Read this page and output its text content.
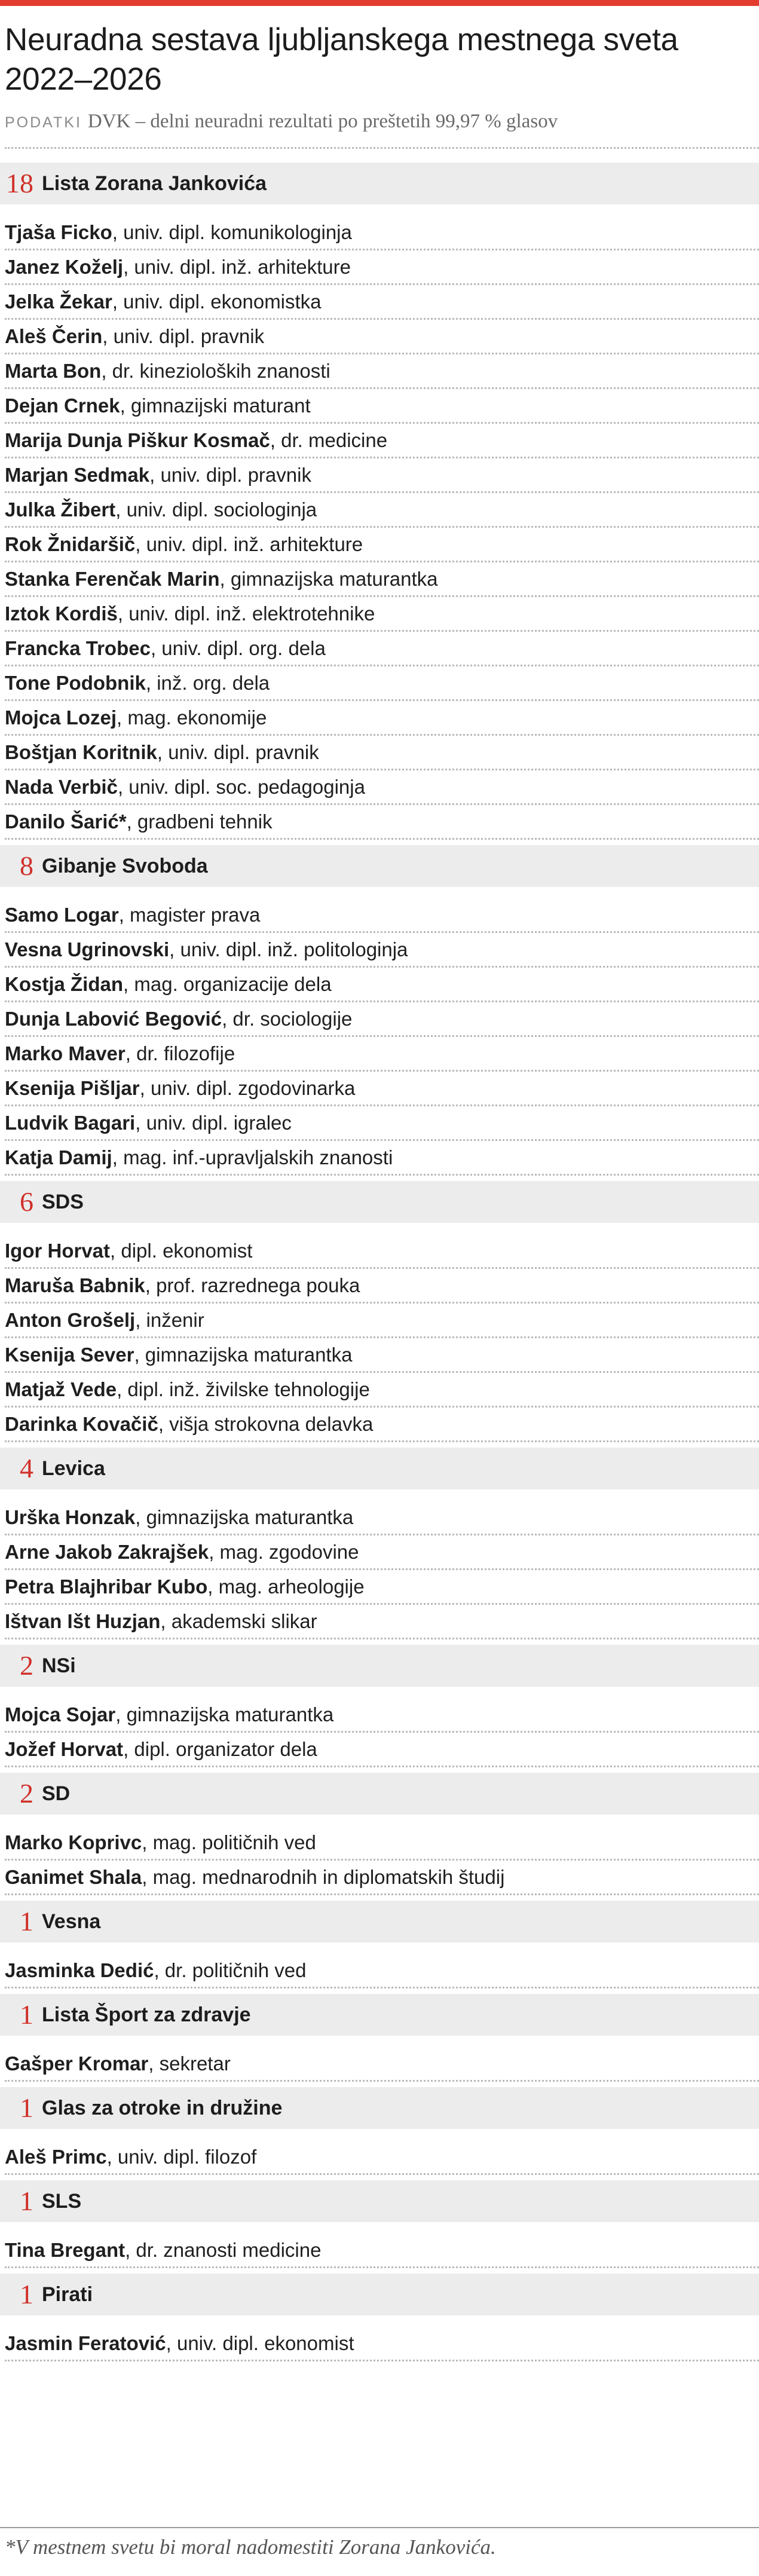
Neuradna sestava ljubljanskega mestnega sveta 2022–2026
PODATKI DVK – delni neuradni rezultati po preštetih 99,97 % glasov
18 Lista Zorana Jankovića
Tjaša Ficko, univ. dipl. komunikologinja
Janez Koželj, univ. dipl. inž. arhitekture
Jelka Žekar, univ. dipl. ekonomistka
Aleš Čerin, univ. dipl. pravnik
Marta Bon, dr. kinezioloških znanosti
Dejan Crnek, gimnazijski maturant
Marija Dunja Piškur Kosmač, dr. medicine
Marjan Sedmak, univ. dipl. pravnik
Julka Žibert, univ. dipl. sociologinja
Rok Žnidaršič, univ. dipl. inž. arhitekture
Stanka Ferenčak Marin, gimnazijska maturantka
Iztok Kordiš, univ. dipl. inž. elektrotehnike
Francka Trobec, univ. dipl. org. dela
Tone Podobnik, inž. org. dela
Mojca Lozej, mag. ekonomije
Boštjan Koritnik, univ. dipl. pravnik
Nada Verbič, univ. dipl. soc. pedagoginja
Danilo Šarić*, gradbeni tehnik
8 Gibanje Svoboda
Samo Logar, magister prava
Vesna Ugrinovski, univ. dipl. inž. politologinja
Kostja Židan, mag. organizacije dela
Dunja Labović Begović, dr. sociologije
Marko Maver, dr. filozofije
Ksenija Pišljar, univ. dipl. zgodovinarka
Ludvik Bagari, univ. dipl. igralec
Katja Damij, mag. inf.-upravljalskih znanosti
6 SDS
Igor Horvat, dipl. ekonomist
Maruša Babnik, prof. razrednega pouka
Anton Grošelj, inženir
Ksenija Sever, gimnazijska maturantka
Matjaž Vede, dipl. inž. živilske tehnologije
Darinka Kovačič, višja strokovna delavka
4 Levica
Urška Honzak, gimnazijska maturantka
Arne Jakob Zakrajšek, mag. zgodovine
Petra Blajhribar Kubo, mag. arheologije
Ištvan Išt Huzjan, akademski slikar
2 NSi
Mojca Sojar, gimnazijska maturantka
Jožef Horvat, dipl. organizator dela
2 SD
Marko Koprivc, mag. političnih ved
Ganimet Shala, mag. mednarodnih in diplomatskih študij
1 Vesna
Jasminka Dedić, dr. političnih ved
1 Lista Šport za zdravje
Gašper Kromar, sekretar
1 Glas za otroke in družine
Aleš Primc, univ. dipl. filozof
1 SLS
Tina Bregant, dr. znanosti medicine
1 Pirati
Jasmin Feratović, univ. dipl. ekonomist
*V mestnem svetu bi moral nadomestiti Zorana Jankovića.
